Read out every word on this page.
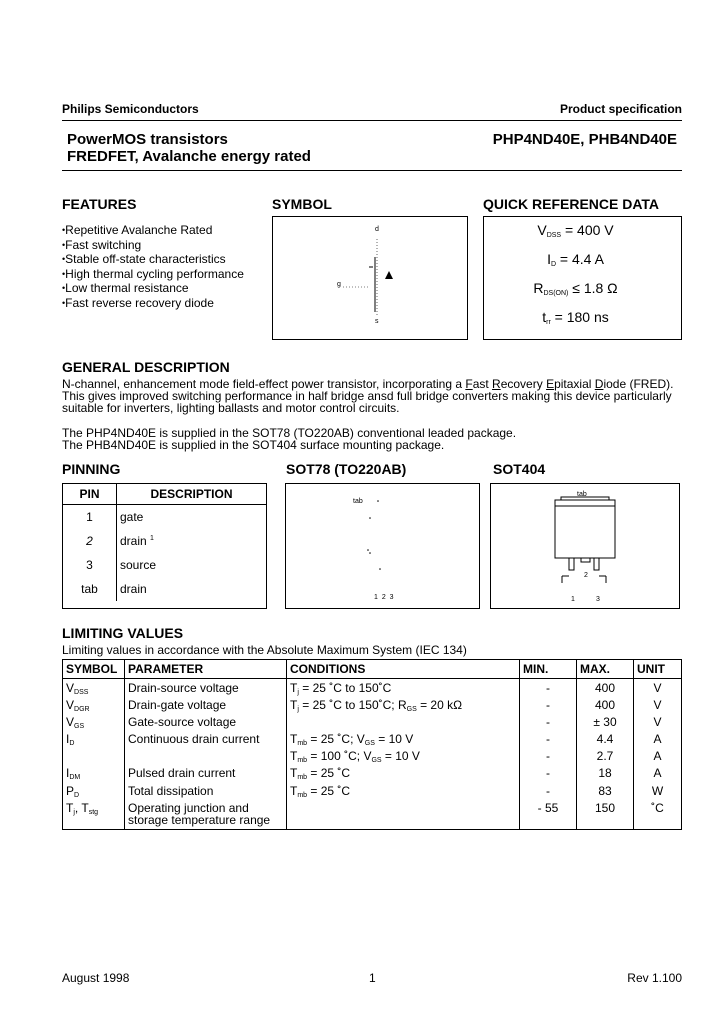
Philips Semiconductors	Product specification
PowerMOS transistors
FREDFET, Avalanche energy rated
PHP4ND40E, PHB4ND40E
FEATURES
• Repetitive Avalanche Rated
• Fast switching
• Stable off-state characteristics
• High thermal cycling performance
• Low thermal resistance
• Fast reverse recovery diode
SYMBOL
d
g
s
QUICK REFERENCE DATA
$V_{DSS} = 400$ V
$I_D = 4.4$ A
$R_{DS(ON)} \le 1.8$ Ω
$t_{rr} = 180$ ns
GENERAL DESCRIPTION
N-channel, enhancement mode field-effect power transistor, incorporating a Fast Recovery Epitaxial Diode (FRED). This gives improved switching performance in half bridge ansd full bridge converters making this device particularly suitable for inverters, lighting ballasts and motor control circuits.
The PHP4ND40E is supplied in the SOT78 (TO220AB) conventional leaded package.
The PHB4ND40E is supplied in the SOT404 surface mounting package.
PINNING
PIN	DESCRIPTION
1	gate
2	drain $^1$
3	source
tab	drain
SOT78 (TO220AB)
tab
1 2 3
SOT404
tab
2
1	3
LIMITING VALUES
Limiting values in accordance with the Absolute Maximum System (IEC 134)
SYMBOL	PARAMETER	CONDITIONS	MIN.	MAX.	UNIT
$V_{DSS}$	Drain-source voltage	$T_j = 25$ ˚C to 150˚C	-	400	V
$V_{DGR}$	Drain-gate voltage	$T_j = 25$ ˚C to 150˚C; $R_{GS} = 20$ kΩ	-	400	V
$V_{GS}$	Gate-source voltage		-	± 30	V
$I_D$	Continuous drain current	$T_{mb} = 25$ ˚C; $V_{GS} = 10$ V	-	4.4	A
		$T_{mb} = 100$ ˚C; $V_{GS} = 10$ V	-	2.7	A
$I_{DM}$	Pulsed drain current	$T_{mb} = 25$ ˚C	-	18	A
$P_D$	Total dissipation	$T_{mb} = 25$ ˚C	-	83	W
$T_j$, $T_{stg}$	Operating junction and
storage temperature range		- 55	150	˚C
August 1998	1	Rev 1.100
